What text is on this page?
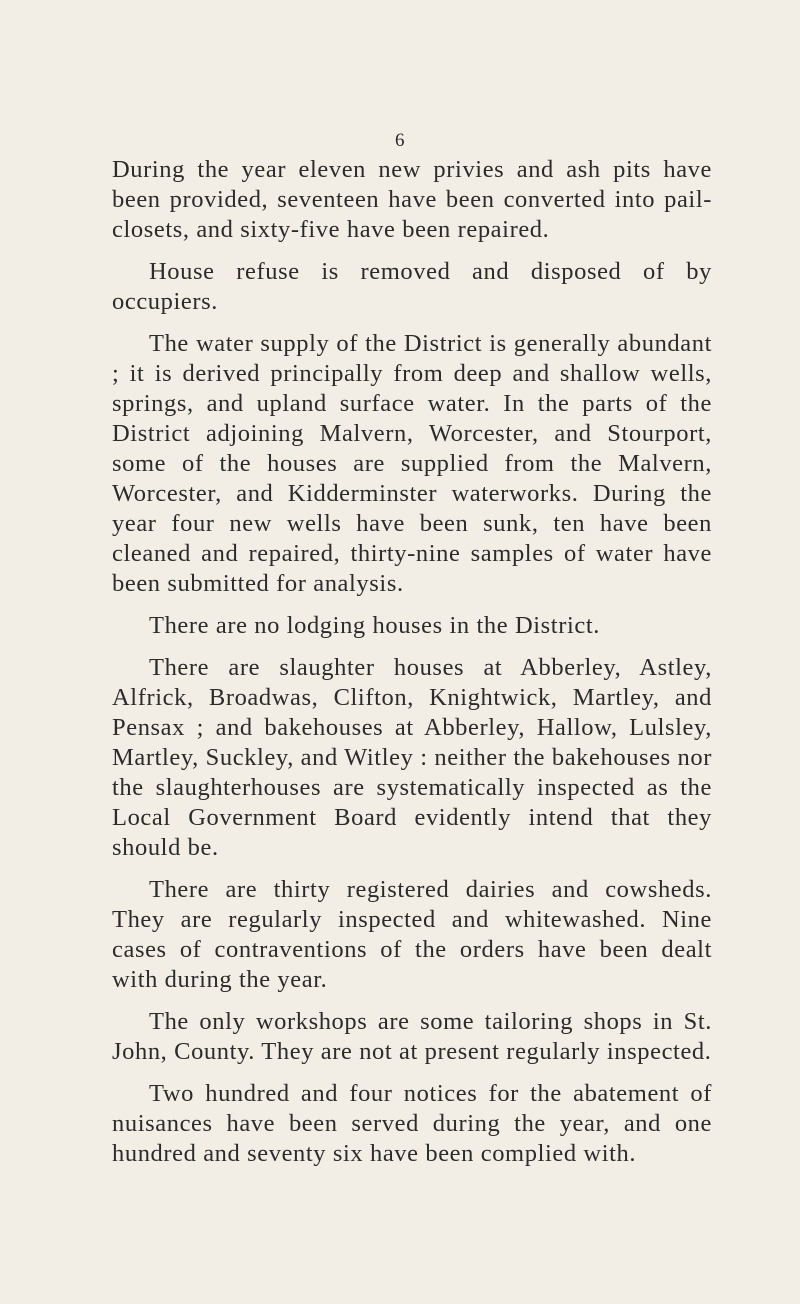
6

During the year eleven new privies and ash pits have been provided, seventeen have been converted into pail-closets, and sixty-five have been repaired.

House refuse is removed and disposed of by occupiers.

The water supply of the District is generally abundant ; it is derived principally from deep and shallow wells, springs, and upland surface water. In the parts of the District adjoining Malvern, Worcester, and Stourport, some of the houses are supplied from the Malvern, Worcester, and Kidderminster waterworks. During the year four new wells have been sunk, ten have been cleaned and repaired, thirty-nine samples of water have been submitted for analysis.

There are no lodging houses in the District.

There are slaughter houses at Abberley, Astley, Alfrick, Broadwas, Clifton, Knightwick, Martley, and Pensax ; and bakehouses at Abberley, Hallow, Lulsley, Martley, Suckley, and Witley : neither the bakehouses nor the slaughterhouses are systematically inspected as the Local Government Board evidently intend that they should be.

There are thirty registered dairies and cowsheds. They are regularly inspected and whitewashed. Nine cases of contraventions of the orders have been dealt with during the year.

The only workshops are some tailoring shops in St. John, County. They are not at present regularly inspected.

Two hundred and four notices for the abatement of nuisances have been served during the year, and one hundred and seventy six have been complied with.
